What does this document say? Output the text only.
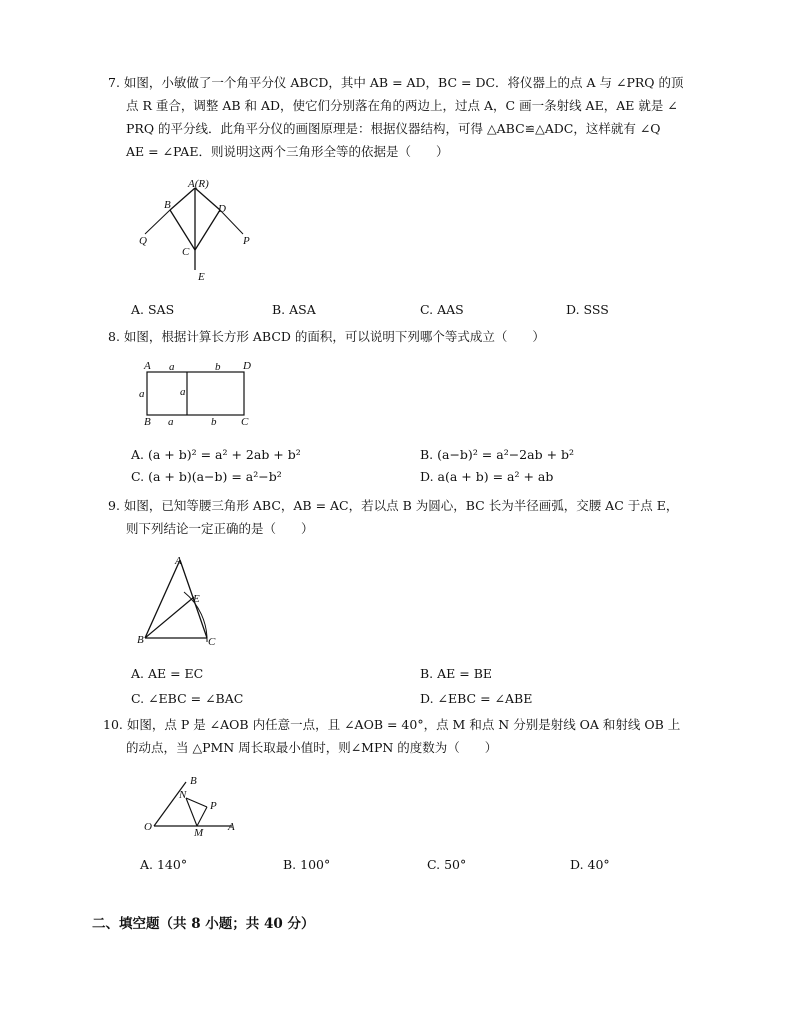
7. 如图，小敏做了一个角平分仪 ABCD，其中 AB = AD，BC = DC．将仪器上的点 A 与 ∠PRQ 的顶
点 R 重合，调整 AB 和 AD，使它们分别落在角的两边上，过点 A，C 画一条射线 AE，AE 就是 ∠
PRQ 的平分线．此角平分仪的画图原理是：根据仪器结构，可得 △ABC≌△ADC，这样就有 ∠Q
AE = ∠PAE．则说明这两个三角形全等的依据是（　　）
A(R)
B	D
Q	P
C
E
A. SAS	B. ASA	C. AAS	D. SSS
8. 如图，根据计算长方形 ABCD 的面积，可以说明下列哪个等式成立（　　）
A	D
B	C
a	b
a	a
a	b
A. (a + b)² = a² + 2ab + b²	B. (a−b)² = a²−2ab + b²
C. (a + b)(a−b) = a²−b²	D. a(a + b) = a² + ab
9. 如图，已知等腰三角形 ABC，AB = AC，若以点 B 为圆心，BC 长为半径画弧，交腰 AC 于点 E，
则下列结论一定正确的是（　　）
A
E
B	C
A. AE = EC	B. AE = BE
C. ∠EBC = ∠BAC	D. ∠EBC = ∠ABE
10. 如图，点 P 是 ∠AOB 内任意一点，且 ∠AOB = 40°，点 M 和点 N 分别是射线 OA 和射线 OB 上
的动点，当 △PMN 周长取最小值时，则∠MPN 的度数为（　　）
B
N
P
O	M A
A. 140°	B. 100°	C. 50°	D. 40°
二、填空题（共 8 小题；共 40 分）
